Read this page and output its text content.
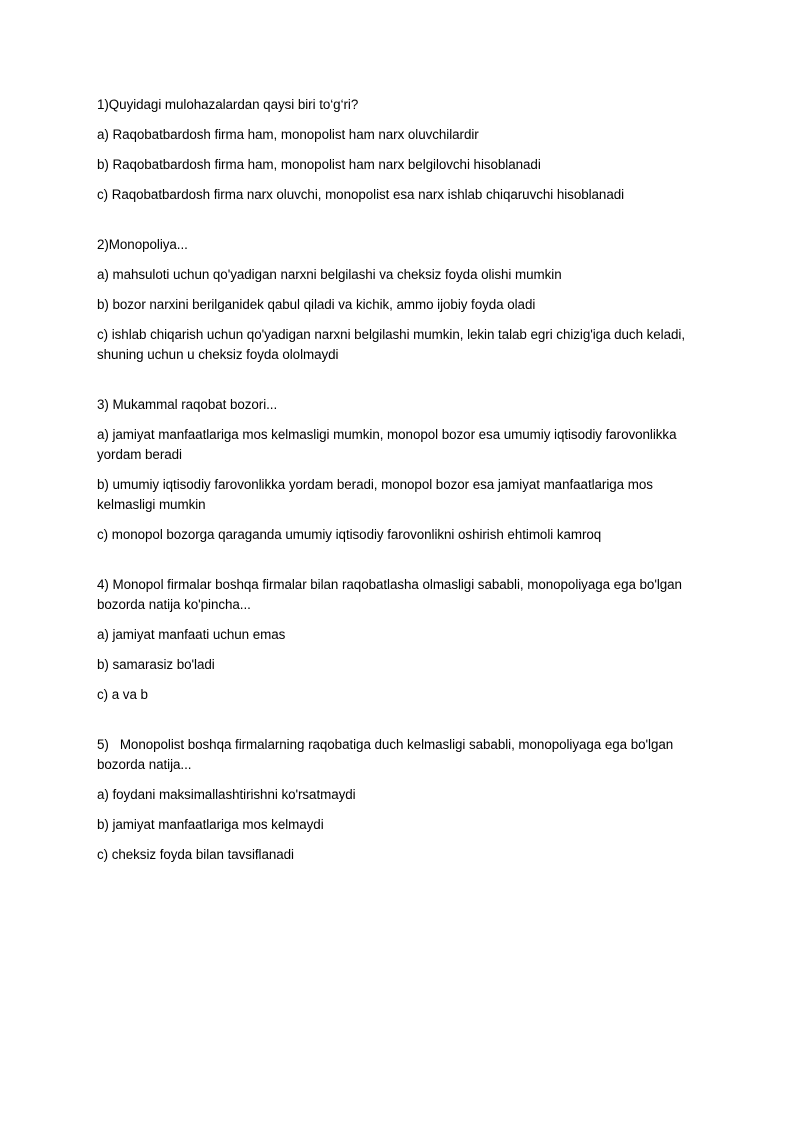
1)Quyidagi mulohazalardan qaysi biri to‘g‘ri?

a) Raqobatbardosh firma ham, monopolist ham narx oluvchilardir

b) Raqobatbardosh firma ham, monopolist ham narx belgilovchi hisoblanadi

c) Raqobatbardosh firma narx oluvchi, monopolist esa narx ishlab chiqaruvchi hisoblanadi

2)Monopoliya...

a) mahsuloti uchun qo'yadigan narxni belgilashi va cheksiz foyda olishi mumkin

b) bozor narxini berilganidek qabul qiladi va kichik, ammo ijobiy foyda oladi

c) ishlab chiqarish uchun qo'yadigan narxni belgilashi mumkin, lekin talab egri chizig'iga duch keladi, shuning uchun u cheksiz foyda ololmaydi

3) Mukammal raqobat bozori...

a) jamiyat manfaatlariga mos kelmasligi mumkin, monopol bozor esa umumiy iqtisodiy farovonlikka yordam beradi

b) umumiy iqtisodiy farovonlikka yordam beradi, monopol bozor esa jamiyat manfaatlariga mos kelmasligi mumkin

c) monopol bozorga qaraganda umumiy iqtisodiy farovonlikni oshirish ehtimoli kamroq

4) Monopol firmalar boshqa firmalar bilan raqobatlasha olmasligi sababli, monopoliyaga ega bo'lgan bozorda natija ko'pincha...

a) jamiyat manfaati uchun emas

b) samarasiz bo'ladi

c) a va b

5)   Monopolist boshqa firmalarning raqobatiga duch kelmasligi sababli, monopoliyaga ega bo'lgan bozorda natija...

a) foydani maksimallashtirishni ko'rsatmaydi

b) jamiyat manfaatlariga mos kelmaydi

c) cheksiz foyda bilan tavsiflanadi
